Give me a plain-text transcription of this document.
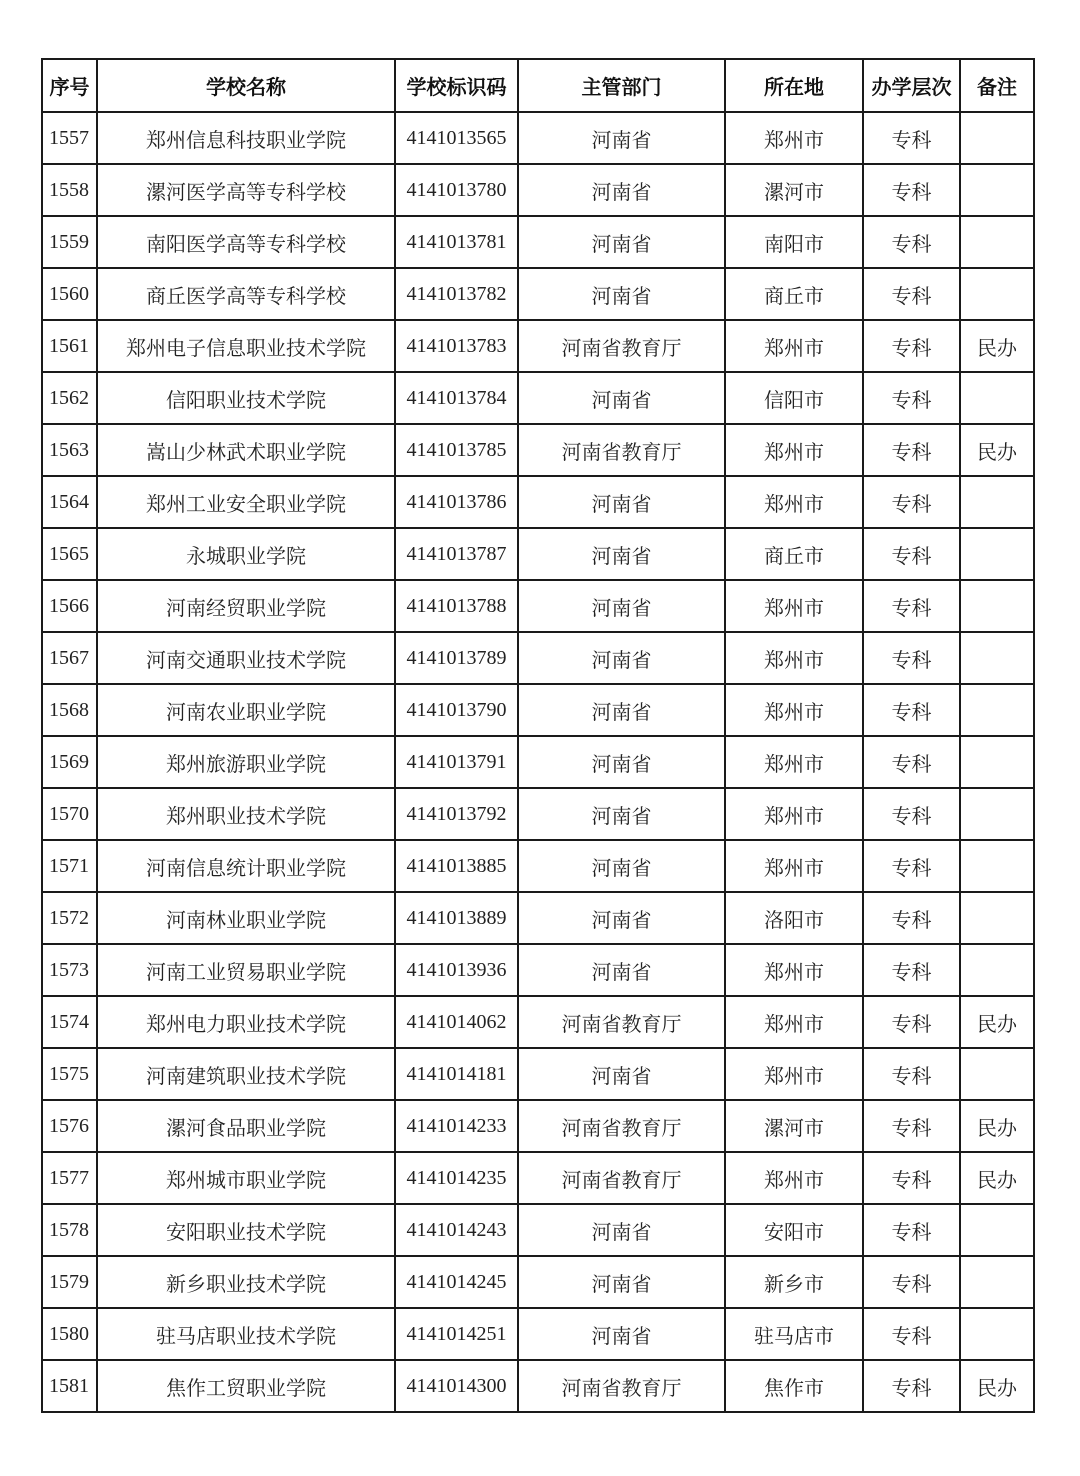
序号	学校名称	学校标识码	主管部门	所在地	办学层次	备注
1557	郑州信息科技职业学院	4141013565	河南省	郑州市	专科	
1558	漯河医学高等专科学校	4141013780	河南省	漯河市	专科	
1559	南阳医学高等专科学校	4141013781	河南省	南阳市	专科	
1560	商丘医学高等专科学校	4141013782	河南省	商丘市	专科	
1561	郑州电子信息职业技术学院	4141013783	河南省教育厅	郑州市	专科	民办
1562	信阳职业技术学院	4141013784	河南省	信阳市	专科	
1563	嵩山少林武术职业学院	4141013785	河南省教育厅	郑州市	专科	民办
1564	郑州工业安全职业学院	4141013786	河南省	郑州市	专科	
1565	永城职业学院	4141013787	河南省	商丘市	专科	
1566	河南经贸职业学院	4141013788	河南省	郑州市	专科	
1567	河南交通职业技术学院	4141013789	河南省	郑州市	专科	
1568	河南农业职业学院	4141013790	河南省	郑州市	专科	
1569	郑州旅游职业学院	4141013791	河南省	郑州市	专科	
1570	郑州职业技术学院	4141013792	河南省	郑州市	专科	
1571	河南信息统计职业学院	4141013885	河南省	郑州市	专科	
1572	河南林业职业学院	4141013889	河南省	洛阳市	专科	
1573	河南工业贸易职业学院	4141013936	河南省	郑州市	专科	
1574	郑州电力职业技术学院	4141014062	河南省教育厅	郑州市	专科	民办
1575	河南建筑职业技术学院	4141014181	河南省	郑州市	专科	
1576	漯河食品职业学院	4141014233	河南省教育厅	漯河市	专科	民办
1577	郑州城市职业学院	4141014235	河南省教育厅	郑州市	专科	民办
1578	安阳职业技术学院	4141014243	河南省	安阳市	专科	
1579	新乡职业技术学院	4141014245	河南省	新乡市	专科	
1580	驻马店职业技术学院	4141014251	河南省	驻马店市	专科	
1581	焦作工贸职业学院	4141014300	河南省教育厅	焦作市	专科	民办
